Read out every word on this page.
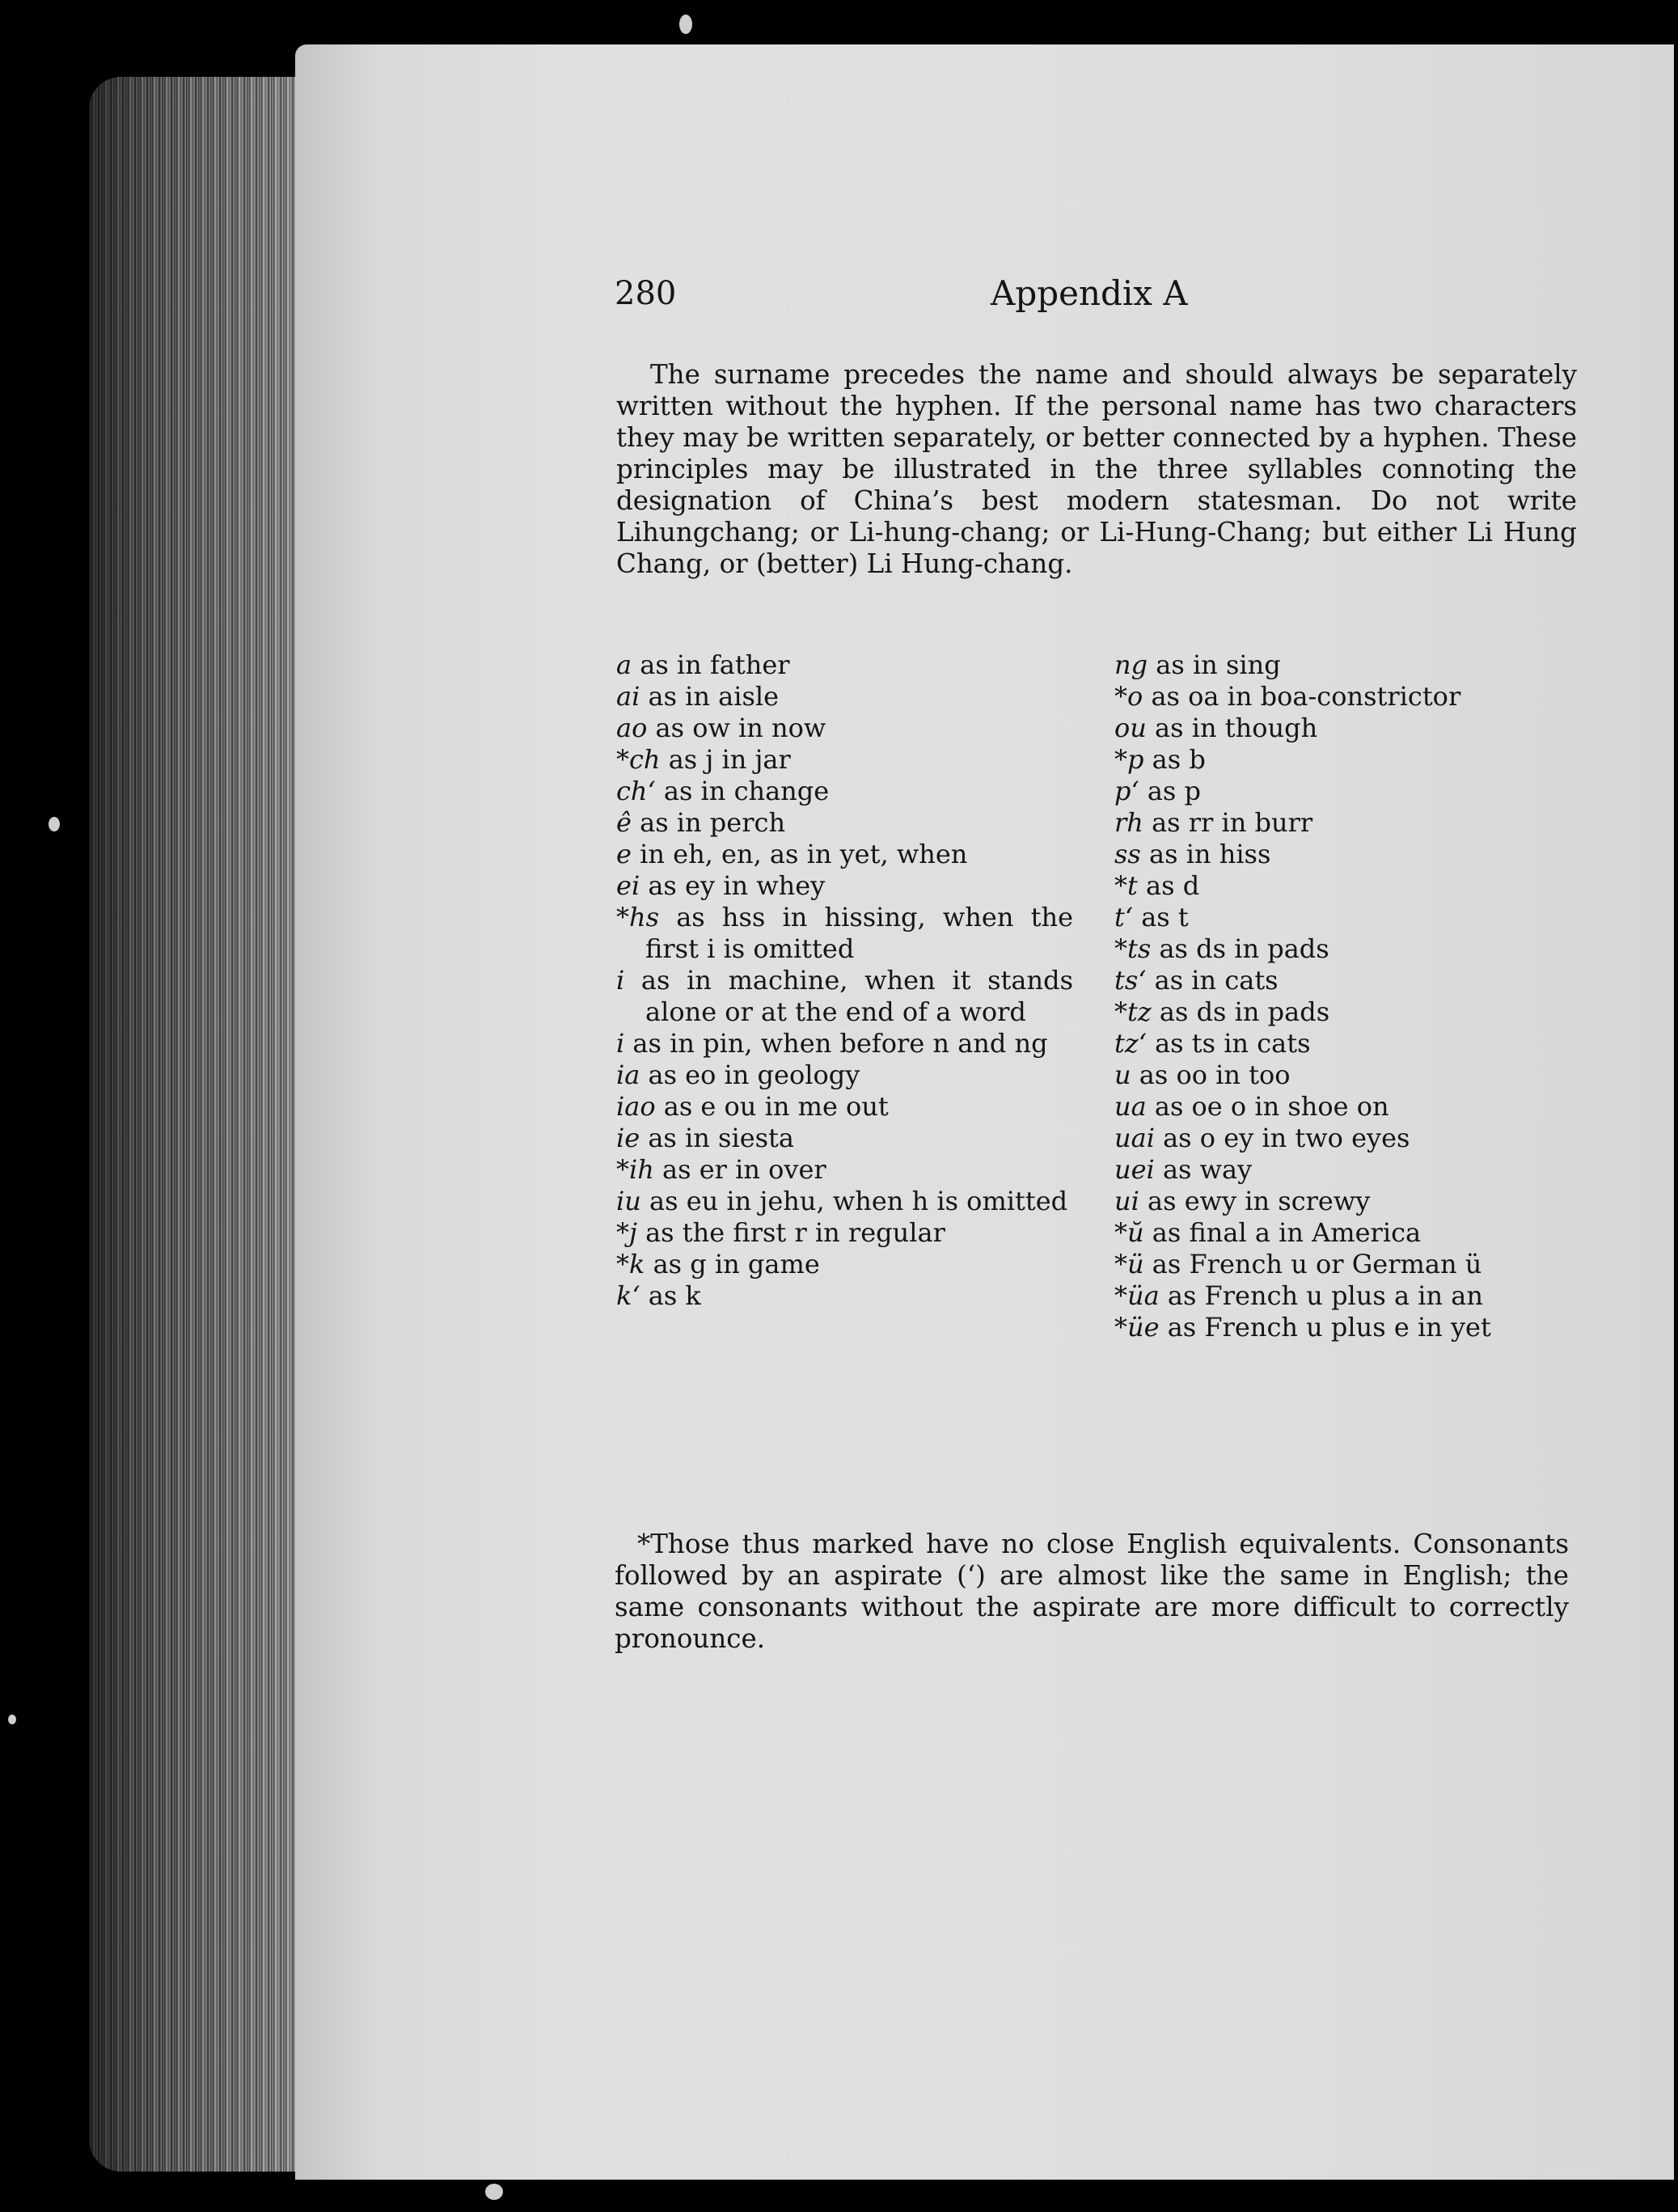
280	Appendix A

The surname precedes the name and should always be separately written without the hyphen. If the personal name has two characters they may be written separately, or better connected by a hyphen. These principles may be illustrated in the three syllables connoting the designation of China’s best modern statesman. Do not write Lihungchang; or Li-hung-chang; or Li-Hung-Chang; but either Li Hung Chang, or (better) Li Hung-chang.

a as in father
ai as in aisle
ao as ow in now
*ch as j in jar
ch‘ as in change
ê as in perch
e in eh, en, as in yet, when
ei as ey in whey
*hs as hss in hissing, when the first i is omitted
i as in machine, when it stands alone or at the end of a word
i as in pin, when before n and ng
ia as eo in geology
iao as e ou in me out
ie as in siesta
*ih as er in over
iu as eu in jehu, when h is omitted
*j as the first r in regular
*k as g in game
k‘ as k
ng as in sing
*o as oa in boa-constrictor
ou as in though
*p as b
p‘ as p
rh as rr in burr
ss as in hiss
*t as d
t‘ as t
*ts as ds in pads
ts‘ as in cats
*tz as ds in pads
tz‘ as ts in cats
u as oo in too
ua as oe o in shoe on
uai as o ey in two eyes
uei as way
ui as ewy in screwy
*ŭ as final a in America
*ü as French u or German ü
*üa as French u plus a in an
*üe as French u plus e in yet

*Those thus marked have no close English equivalents. Consonants followed by an aspirate (‘) are almost like the same in English; the same consonants without the aspirate are more difficult to correctly pronounce.
